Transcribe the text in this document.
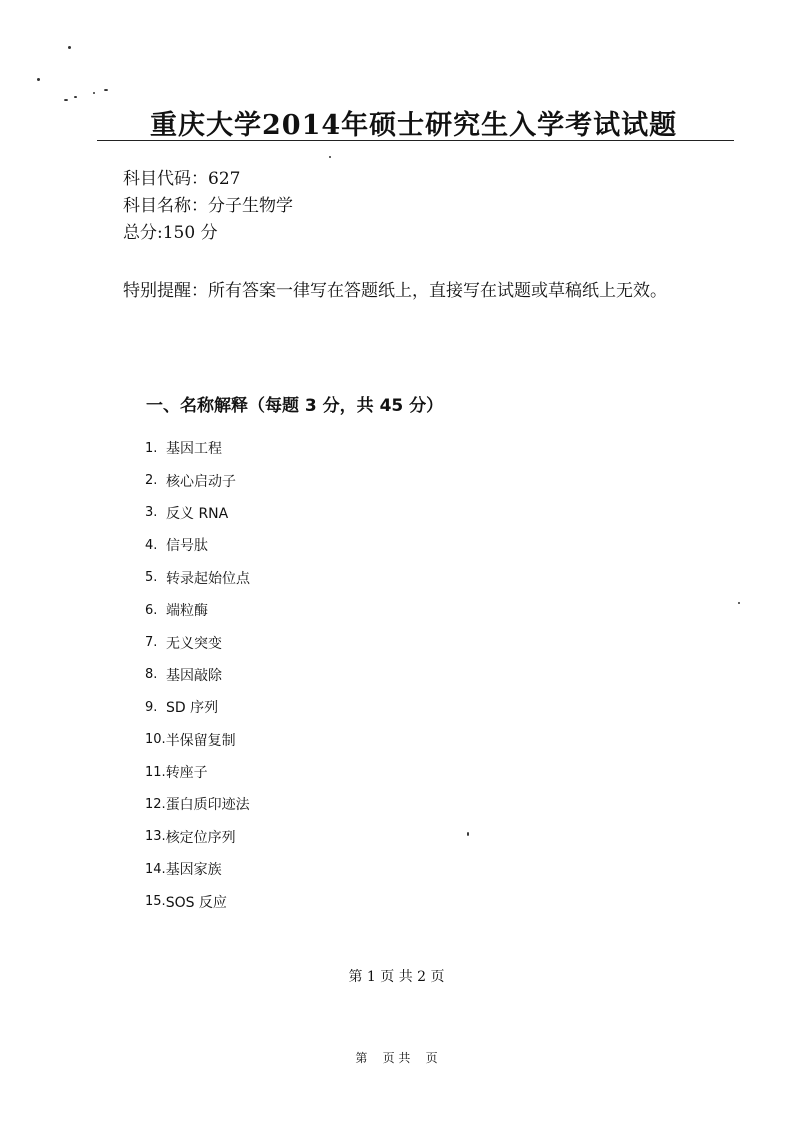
重庆大学2014年硕士研究生入学考试试题
科目代码：627
科目名称：分子生物学
总分:150 分
特别提醒：所有答案一律写在答题纸上，直接写在试题或草稿纸上无效。
一、名称解释（每题 3 分，共 45 分）
1. 基因工程
2. 核心启动子
3. 反义 RNA
4. 信号肽
5. 转录起始位点
6. 端粒酶
7. 无义突变
8. 基因敲除
9. SD 序列
10. 半保留复制
11. 转座子
12. 蛋白质印迹法
13. 核定位序列
14. 基因家族
15. SOS 反应
第 1 页 共 2 页
第    页 共    页
